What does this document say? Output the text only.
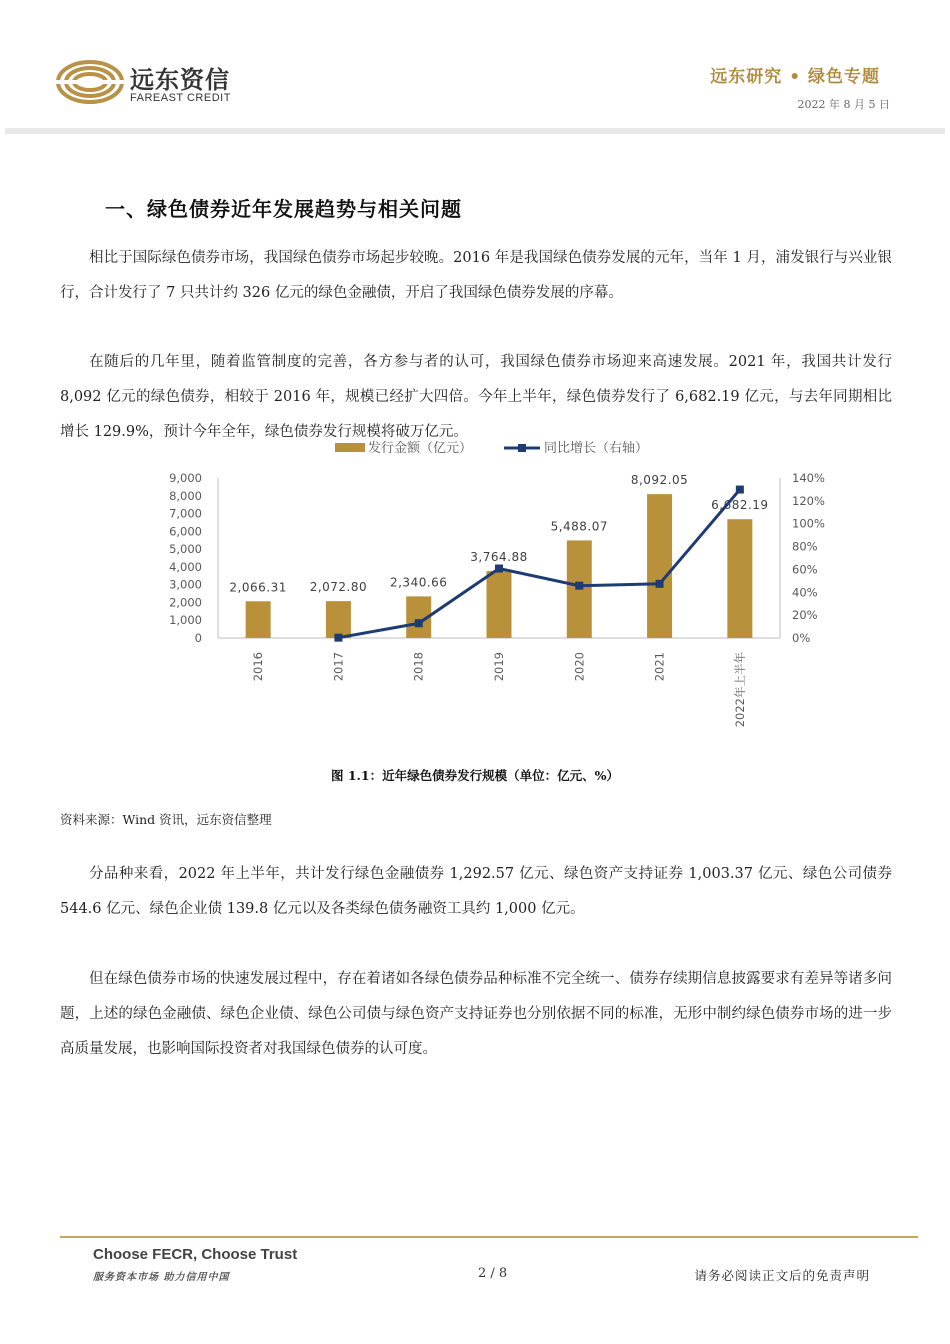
远东资信
FAREAST CREDIT
远东研究 • 绿色专题
2022 年 8 月 5 日
一、绿色债券近年发展趋势与相关问题

相比于国际绿色债券市场，我国绿色债券市场起步较晚。2016 年是我国绿色债券发展的元年，当年 1 月，浦发银行与兴业银行，合计发行了 7 只共计约 326 亿元的绿色金融债，开启了我国绿色债券发展的序幕。

在随后的几年里，随着监管制度的完善，各方参与者的认可，我国绿色债券市场迎来高速发展。2021 年，我国共计发行 8,092 亿元的绿色债券，相较于 2016 年，规模已经扩大四倍。今年上半年，绿色债券发行了 6,682.19 亿元，与去年同期相比增长 129.9%，预计今年全年，绿色债券发行规模将破万亿元。

0
1,000
2,000
3,000
4,000
5,000
6,000
7,000
8,000
9,000
0%
20%
40%
60%
80%
100%
120%
140%
2,066.31
2016
2,072.80
2017
2,340.66
2018
3,764.88
2019
5,488.07
2020
8,092.05
2021
6,682.19
2022年上半年
发行金额（亿元）	同比增长（右轴）
图 1.1：近年绿色债券发行规模（单位：亿元、%）
资料来源：Wind 资讯，远东资信整理

分品种来看，2022 年上半年，共计发行绿色金融债券 1,292.57 亿元、绿色资产支持证券 1,003.37 亿元、绿色公司债券 544.6 亿元、绿色企业债 139.8 亿元以及各类绿色债务融资工具约 1,000 亿元。

但在绿色债券市场的快速发展过程中，存在着诸如各绿色债券品种标准不完全统一、债券存续期信息披露要求有差异等诸多问题，上述的绿色金融债、绿色企业债、绿色公司债与绿色资产支持证券也分别依据不同的标准，无形中制约绿色债券市场的进一步高质量发展，也影响国际投资者对我国绿色债券的认可度。

Choose FECR, Choose Trust
服务资本市场 助力信用中国	2 / 8	请务必阅读正文后的免责声明
